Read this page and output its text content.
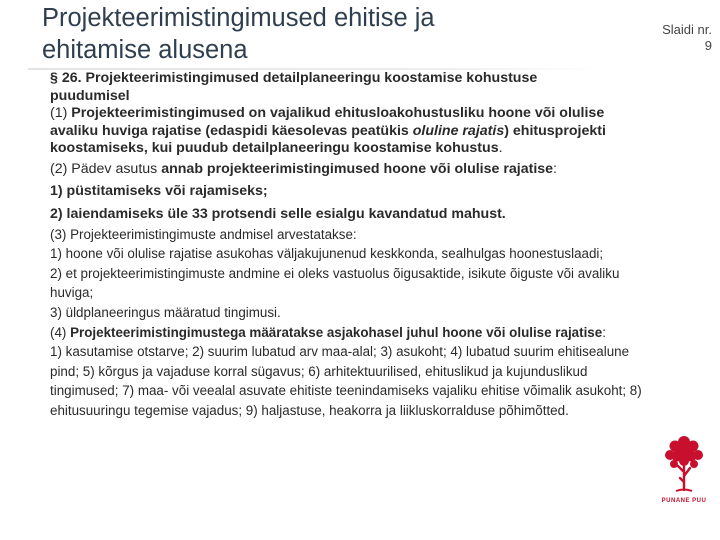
Projekteerimistingimused ehitise ja
ehitamise alusena
Slaidi nr.
9

§ 26. Projekteerimistingimused detailplaneeringu koostamise kohustuse
puudumisel

(1) Projekteerimistingimused on vajalikud ehitusloakohustusliku hoone või olulise avaliku huviga rajatise (edaspidi käesolevas peatükis oluline rajatis) ehitusprojekti koostamiseks, kui puudub detailplaneeringu koostamise kohustus.

(2) Pädev asutus annab projekteerimistingimused hoone või olulise rajatise:

1) püstitamiseks või rajamiseks;

2) laiendamiseks üle 33 protsendi selle esialgu kavandatud mahust.

(3) Projekteerimistingimuste andmisel arvestatakse:

1) hoone või olulise rajatise asukohas väljakujunenud keskkonda, sealhulgas hoonestuslaadi;

2) et projekteerimistingimuste andmine ei oleks vastuolus õigusaktide, isikute õiguste või avaliku huviga;

3) üldplaneeringus määratud tingimusi.

(4) Projekteerimistingimustega määratakse asjakohasel juhul hoone või olulise rajatise:

1) kasutamise otstarve; 2) suurim lubatud arv maa-alal; 3) asukoht; 4) lubatud suurim ehitisealune pind; 5) kõrgus ja vajaduse korral sügavus; 6) arhitektuurilised, ehituslikud ja kujunduslikud tingimused; 7) maa- või veealal asuvate ehitiste teenindamiseks vajaliku ehitise võimalik asukoht; 8) ehitusuuringu tegemise vajadus; 9) haljastuse, heakorra ja liikluskorralduse põhimõtted.

PUNANE PUU
